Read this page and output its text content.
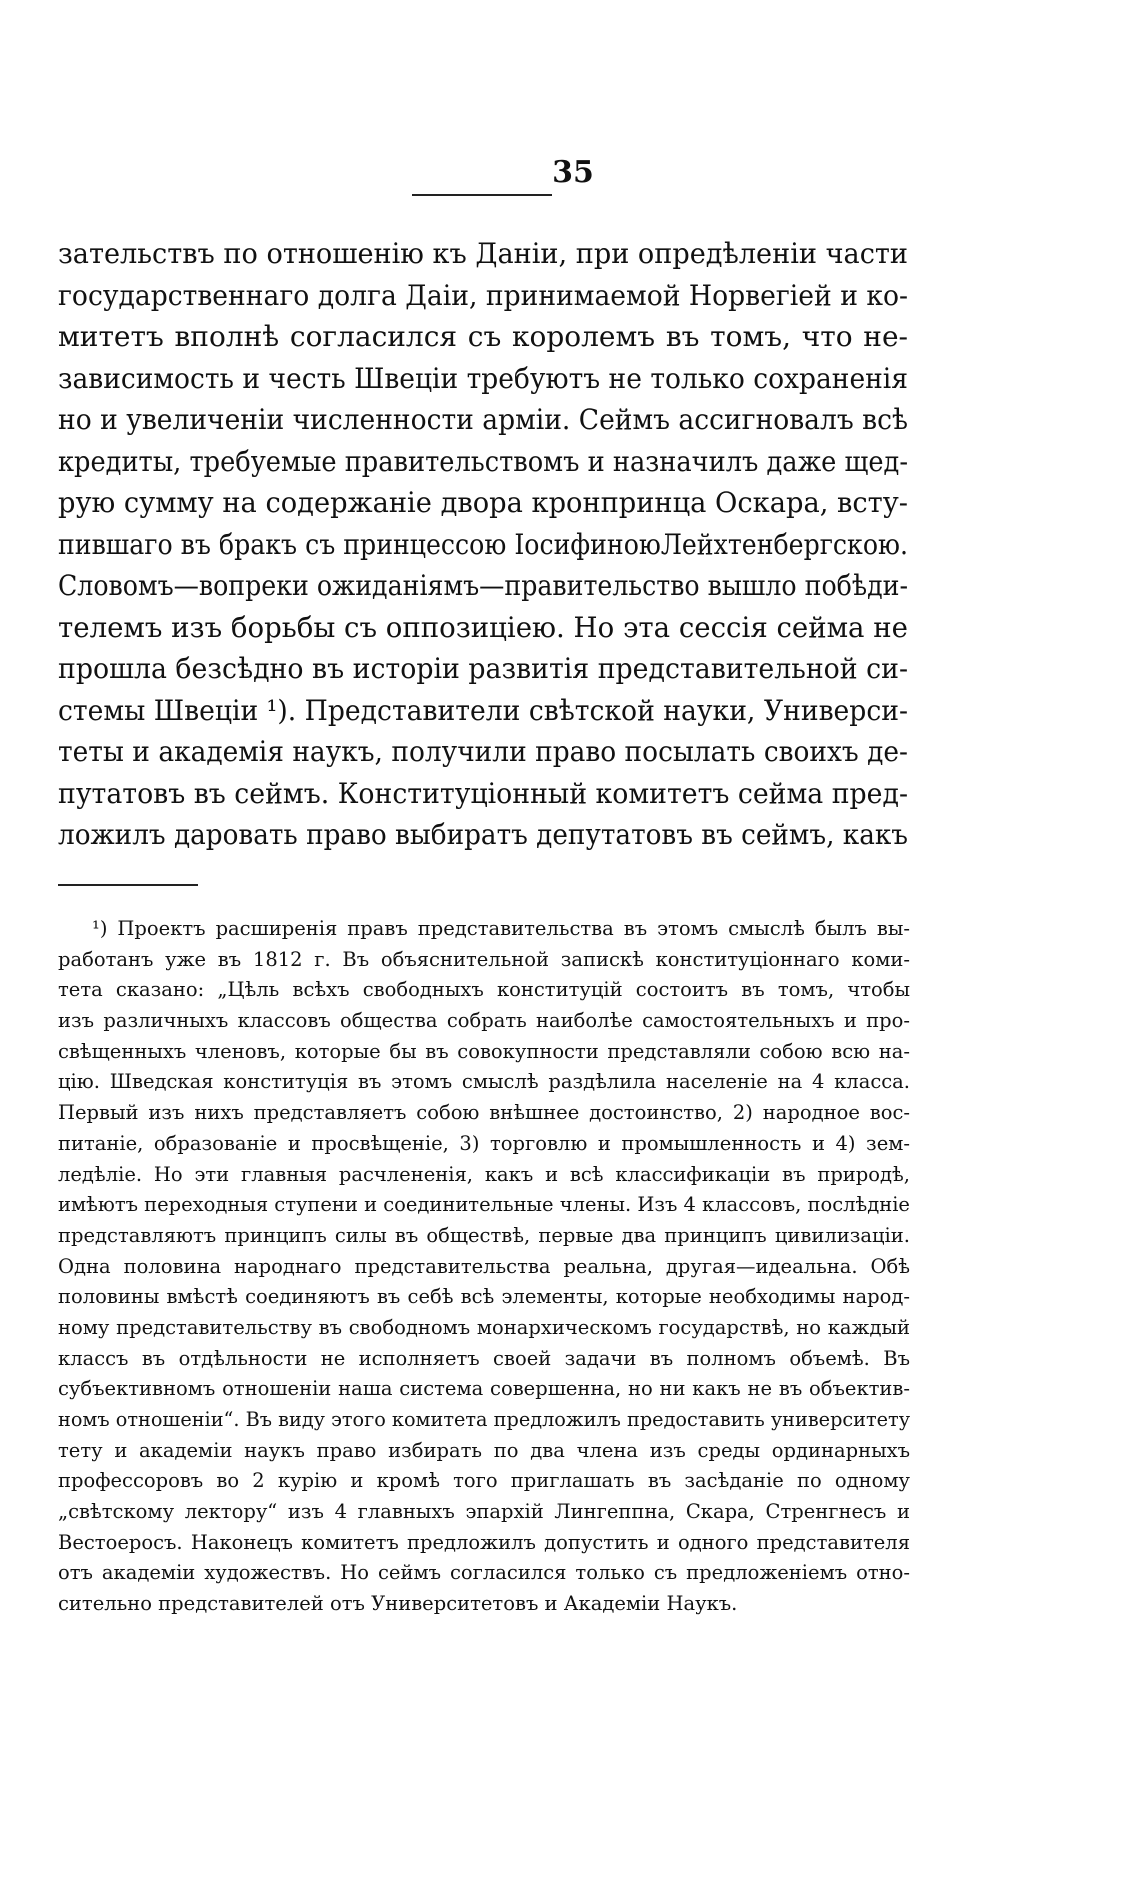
35
зательствъ по отношенію къ Даніи, при опредѣленіи части
государственнаго долга Даіи, принимаемой Норвегіей и ко-
митетъ вполнѣ согласился съ королемъ въ томъ, что не-
зависимость и честь Швеціи требуютъ не только сохраненія
но и увеличеніи численности арміи. Сеймъ ассигновалъ всѣ
кредиты, требуемые правительствомъ и назначилъ даже щед-
рую сумму на содержаніе двора кронпринца Оскара, всту-
пившаго въ бракъ съ принцессою ІосифиноюЛейхтенбергскою.
Словомъ—вопреки ожиданіямъ—правительство вышло побѣди-
телемъ изъ борьбы съ оппозиціею. Но эта сессія сейма не
прошла безсѣдно въ исторіи развитія представительной си-
стемы Швеціи ¹). Представители свѣтской науки, Универси-
теты и академія наукъ, получили право посылать своихъ де-
путатовъ въ сеймъ. Конституціонный комитетъ сейма пред-
ложилъ даровать право выбиратъ депутатовъ въ сеймъ, какъ
¹) Проектъ расширенія правъ представительства въ этомъ смыслѣ былъ вы-
работанъ уже въ 1812 г. Въ объяснительной запискѣ конституціоннаго коми-
тета сказано: „Цѣль всѣхъ свободныхъ конституцій состоитъ въ томъ, чтобы
изъ различныхъ классовъ общества собрать наиболѣе самостоятельныхъ и про-
свѣщенныхъ членовъ, которые бы въ совокупности представляли собою всю на-
цію. Шведская конституція въ этомъ смыслѣ раздѣлила населеніе на 4 класса.
Первый изъ нихъ представляетъ собою внѣшнее достоинство, 2) народное вос-
питаніе, образованіе и просвѣщеніе, 3) торговлю и промышленность и 4) зем-
ледѣліе. Но эти главныя расчлененія, какъ и всѣ классификаціи въ природѣ,
имѣютъ переходныя ступени и соединительные члены. Изъ 4 классовъ, послѣдніе
представляютъ принципъ силы въ обществѣ, первые два принципъ цивилизаціи.
Одна половина народнаго представительства реальна, другая—идеальна. Обѣ
половины вмѣстѣ соединяютъ въ себѣ всѣ элементы, которые необходимы народ-
ному представительству въ свободномъ монархическомъ государствѣ, но каждый
классъ въ отдѣльности не исполняетъ своей задачи въ полномъ объемѣ. Въ
субъективномъ отношеніи наша система совершенна, но ни какъ не въ объектив-
номъ отношеніи“. Въ виду этого комитета предложилъ предоставить университету
тету и академіи наукъ право избирать по два члена изъ среды ординарныхъ
профессоровъ во 2 курію и кромѣ того приглашать въ засѣданіе по одному
„свѣтскому лектору“ изъ 4 главныхъ эпархій Лингеппна, Скара, Стренгнесъ и
Вестоеросъ. Наконецъ комитетъ предложилъ допустить и одного представителя
отъ академіи художествъ. Но сеймъ согласился только съ предложеніемъ отно-
сительно представителей отъ Университетовъ и Академіи Наукъ.
